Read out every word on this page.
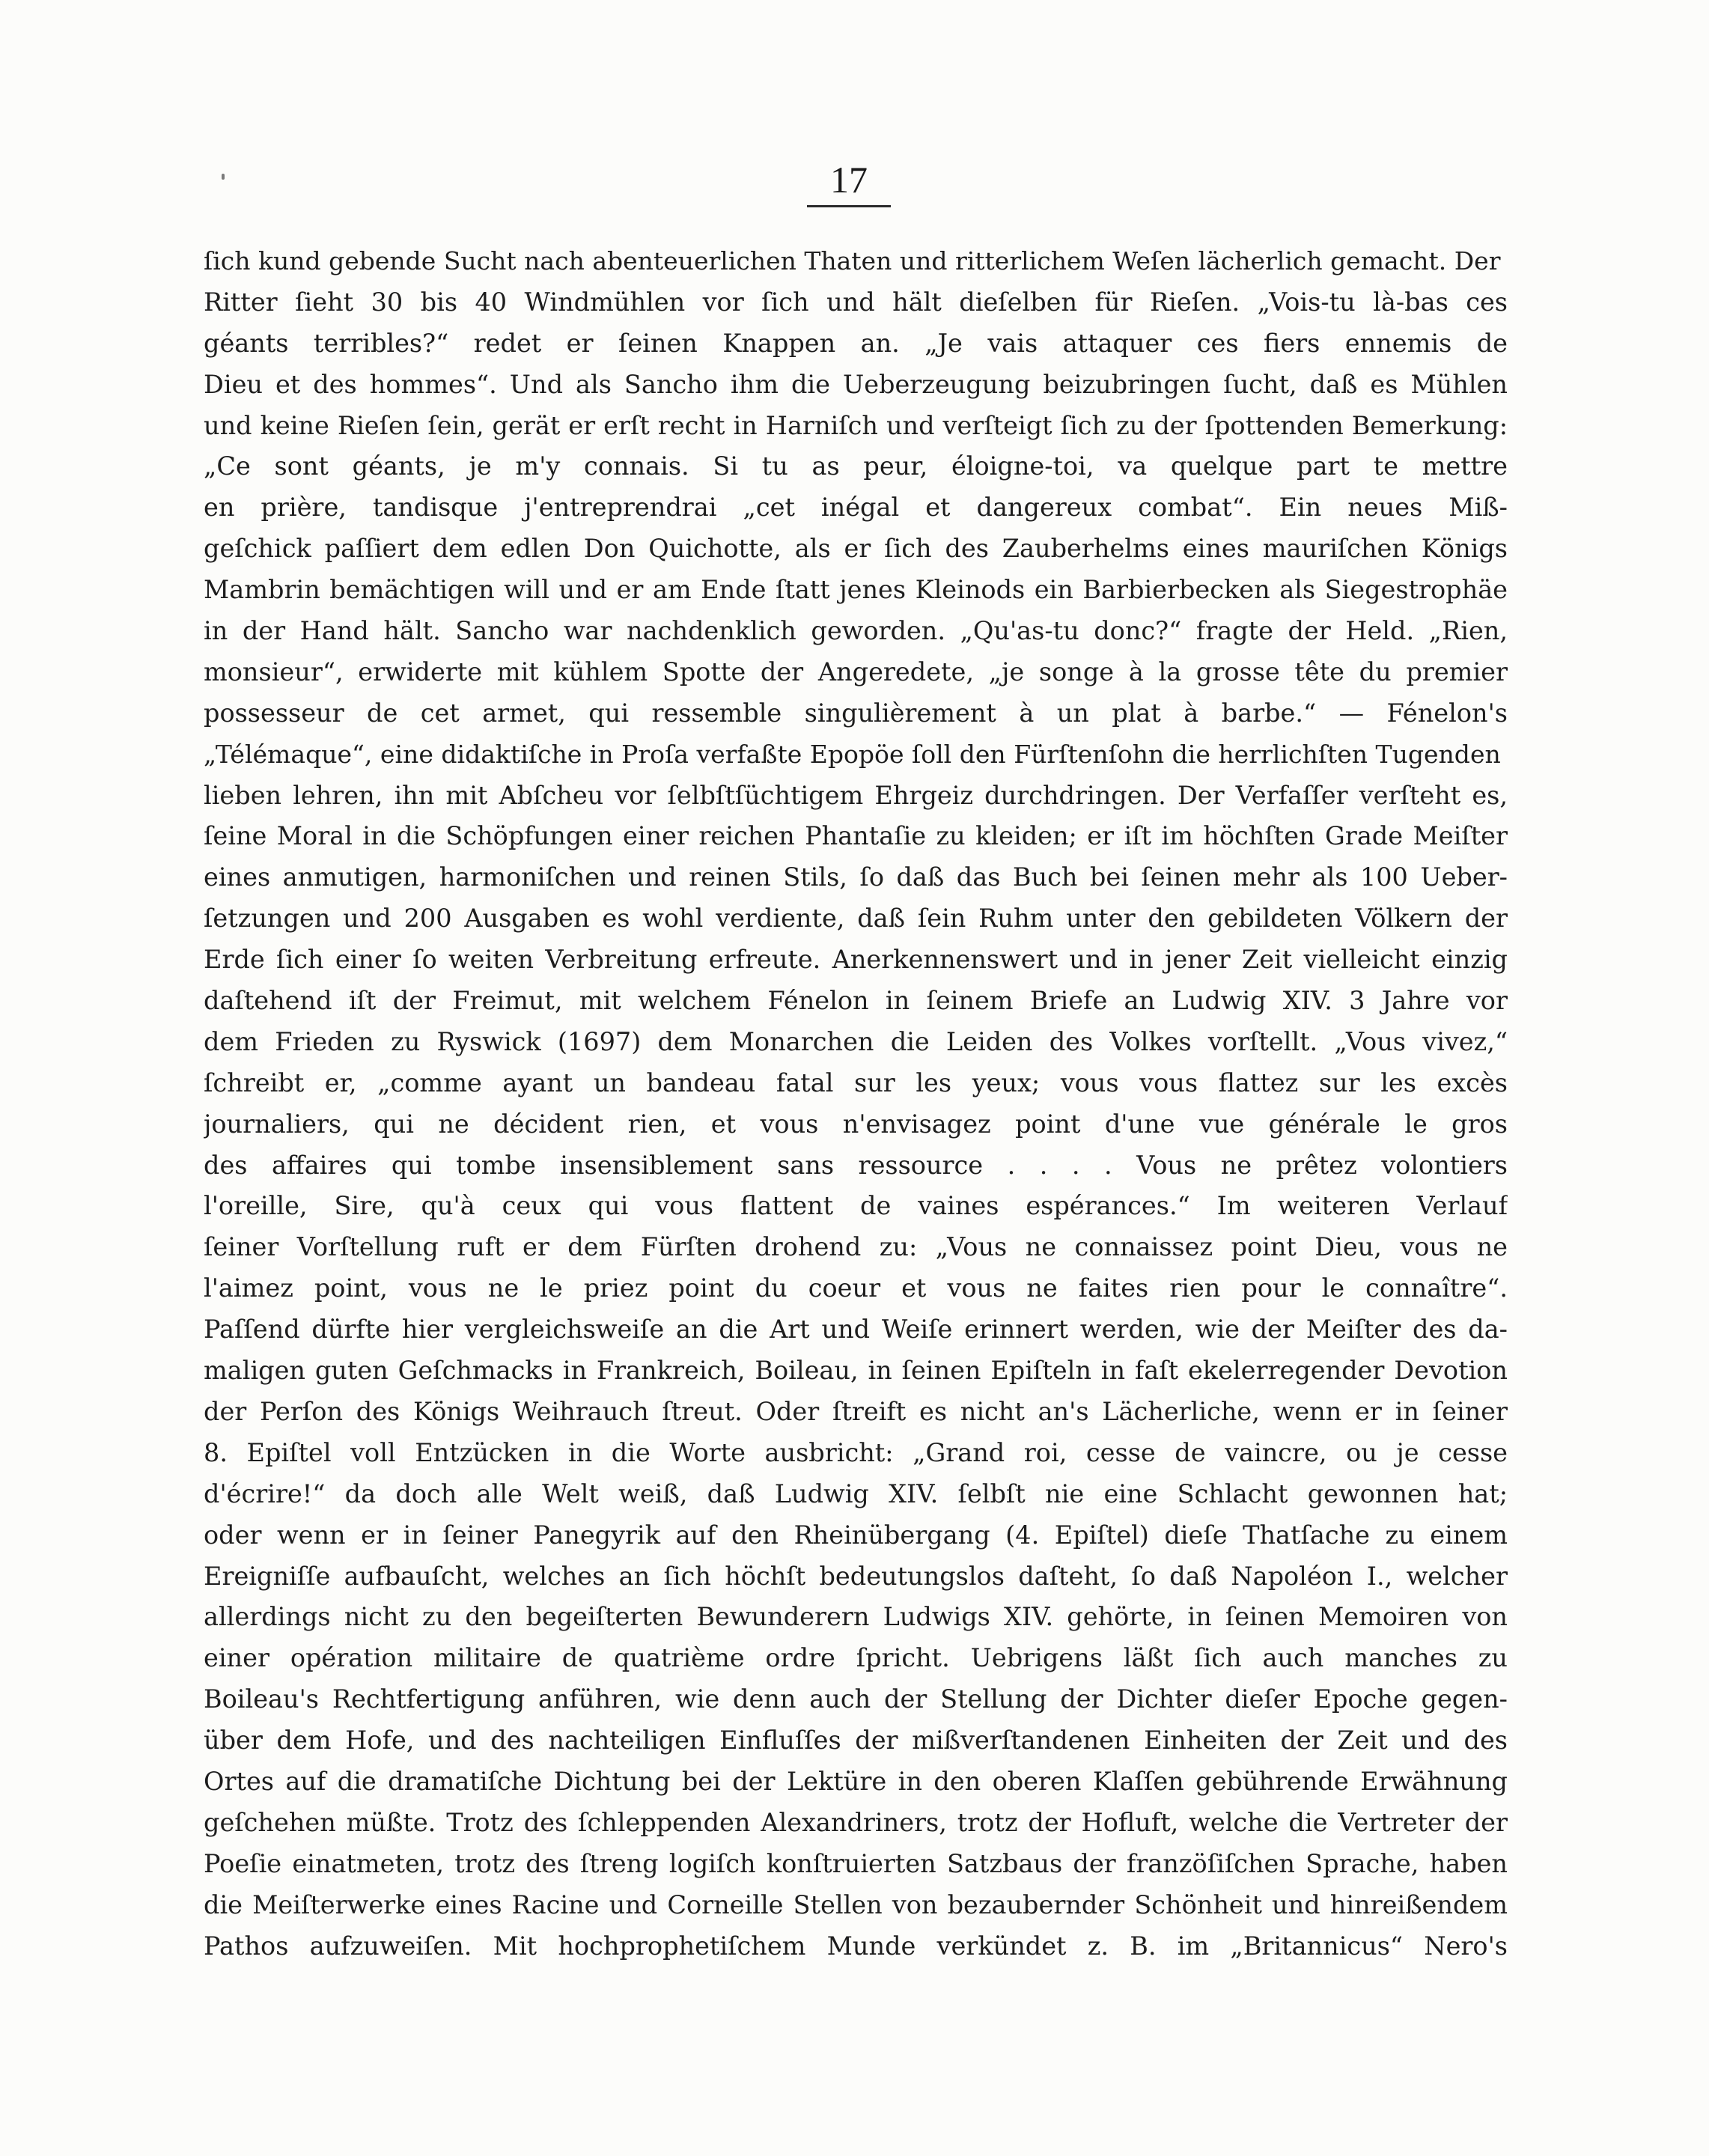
17
ſich kund gebende Sucht nach abenteuerlichen Thaten und ritterlichem Weſen lächerlich gemacht. Der
Ritter ſieht 30 bis 40 Windmühlen vor ſich und hält dieſelben für Rieſen. „Vois-tu là-bas ces
géants terribles?“ redet er ſeinen Knappen an. „Je vais attaquer ces fiers ennemis de
Dieu et des hommes“. Und als Sancho ihm die Ueberzeugung beizubringen ſucht, daß es Mühlen
und keine Rieſen ſein, gerät er erſt recht in Harniſch und verſteigt ſich zu der ſpottenden Bemerkung:
„Ce sont géants, je m'y connais. Si tu as peur, éloigne-toi, va quelque part te mettre
en prière, tandisque j'entreprendrai „cet inégal et dangereux combat“. Ein neues Miß-
geſchick paſſiert dem edlen Don Quichotte, als er ſich des Zauberhelms eines mauriſchen Königs
Mambrin bemächtigen will und er am Ende ſtatt jenes Kleinods ein Barbierbecken als Siegestrophäe
in der Hand hält. Sancho war nachdenklich geworden. „Qu'as-tu donc?“ fragte der Held. „Rien,
monsieur“, erwiderte mit kühlem Spotte der Angeredete, „je songe à la grosse tête du premier
possesseur de cet armet, qui ressemble singulièrement à un plat à barbe.“ — Fénelon's
„Télémaque“, eine didaktiſche in Proſa verfaßte Epopöe ſoll den Fürſtenſohn die herrlichſten Tugenden
lieben lehren, ihn mit Abſcheu vor ſelbſtſüchtigem Ehrgeiz durchdringen. Der Verfaſſer verſteht es,
ſeine Moral in die Schöpfungen einer reichen Phantaſie zu kleiden; er iſt im höchſten Grade Meiſter
eines anmutigen, harmoniſchen und reinen Stils, ſo daß das Buch bei ſeinen mehr als 100 Ueber-
ſetzungen und 200 Ausgaben es wohl verdiente, daß ſein Ruhm unter den gebildeten Völkern der
Erde ſich einer ſo weiten Verbreitung erfreute. Anerkennenswert und in jener Zeit vielleicht einzig
daſtehend iſt der Freimut, mit welchem Fénelon in ſeinem Briefe an Ludwig XIV. 3 Jahre vor
dem Frieden zu Ryswick (1697) dem Monarchen die Leiden des Volkes vorſtellt. „Vous vivez,“
ſchreibt er, „comme ayant un bandeau fatal sur les yeux; vous vous flattez sur les excès
journaliers, qui ne décident rien, et vous n'envisagez point d'une vue générale le gros
des affaires qui tombe insensiblement sans ressource . . . . Vous ne prêtez volontiers
l'oreille, Sire, qu'à ceux qui vous flattent de vaines espérances.“ Im weiteren Verlauf
ſeiner Vorſtellung ruft er dem Fürſten drohend zu: „Vous ne connaissez point Dieu, vous ne
l'aimez point, vous ne le priez point du coeur et vous ne faites rien pour le connaître“.
Paſſend dürfte hier vergleichsweiſe an die Art und Weiſe erinnert werden, wie der Meiſter des da-
maligen guten Geſchmacks in Frankreich, Boileau, in ſeinen Epiſteln in faſt ekelerregender Devotion
der Perſon des Königs Weihrauch ſtreut. Oder ſtreift es nicht an's Lächerliche, wenn er in ſeiner
8. Epiſtel voll Entzücken in die Worte ausbricht: „Grand roi, cesse de vaincre, ou je cesse
d'écrire!“ da doch alle Welt weiß, daß Ludwig XIV. ſelbſt nie eine Schlacht gewonnen hat;
oder wenn er in ſeiner Panegyrik auf den Rheinübergang (4. Epiſtel) dieſe Thatſache zu einem
Ereigniſſe aufbauſcht, welches an ſich höchſt bedeutungslos daſteht, ſo daß Napoléon I., welcher
allerdings nicht zu den begeiſterten Bewunderern Ludwigs XIV. gehörte, in ſeinen Memoiren von
einer opération militaire de quatrième ordre ſpricht. Uebrigens läßt ſich auch manches zu
Boileau's Rechtfertigung anführen, wie denn auch der Stellung der Dichter dieſer Epoche gegen-
über dem Hofe, und des nachteiligen Einfluſſes der mißverſtandenen Einheiten der Zeit und des
Ortes auf die dramatiſche Dichtung bei der Lektüre in den oberen Klaſſen gebührende Erwähnung
geſchehen müßte. Trotz des ſchleppenden Alexandriners, trotz der Hofluft, welche die Vertreter der
Poeſie einatmeten, trotz des ſtreng logiſch konſtruierten Satzbaus der franzöſiſchen Sprache, haben
die Meiſterwerke eines Racine und Corneille Stellen von bezaubernder Schönheit und hinreißendem
Pathos aufzuweiſen. Mit hochprophetiſchem Munde verkündet z. B. im „Britannicus“ Nero's
